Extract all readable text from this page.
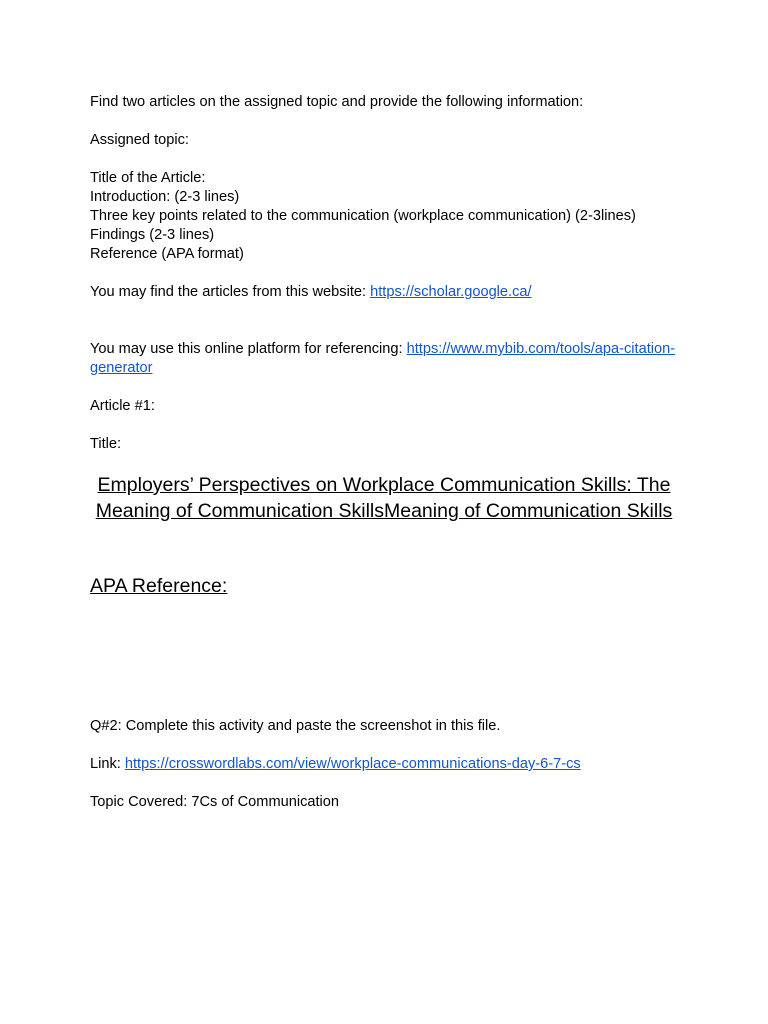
Find two articles on the assigned topic and provide the following information:
Assigned topic:
Title of the Article:
Introduction: (2-3 lines)
Three key points related to the communication (workplace communication) (2-3lines)
Findings (2-3 lines)
Reference (APA format)
You may find the articles from this website: https://scholar.google.ca/
You may use this online platform for referencing: https://www.mybib.com/tools/apa-citation-
generator
Article #1:
Title:
Employers’ Perspectives on Workplace Communication Skills: The
Meaning of Communication SkillsMeaning of Communication Skills
APA Reference:
Q#2: Complete this activity and paste the screenshot in this file.
Link: https://crosswordlabs.com/view/workplace-communications-day-6-7-cs
Topic Covered: 7Cs of Communication
